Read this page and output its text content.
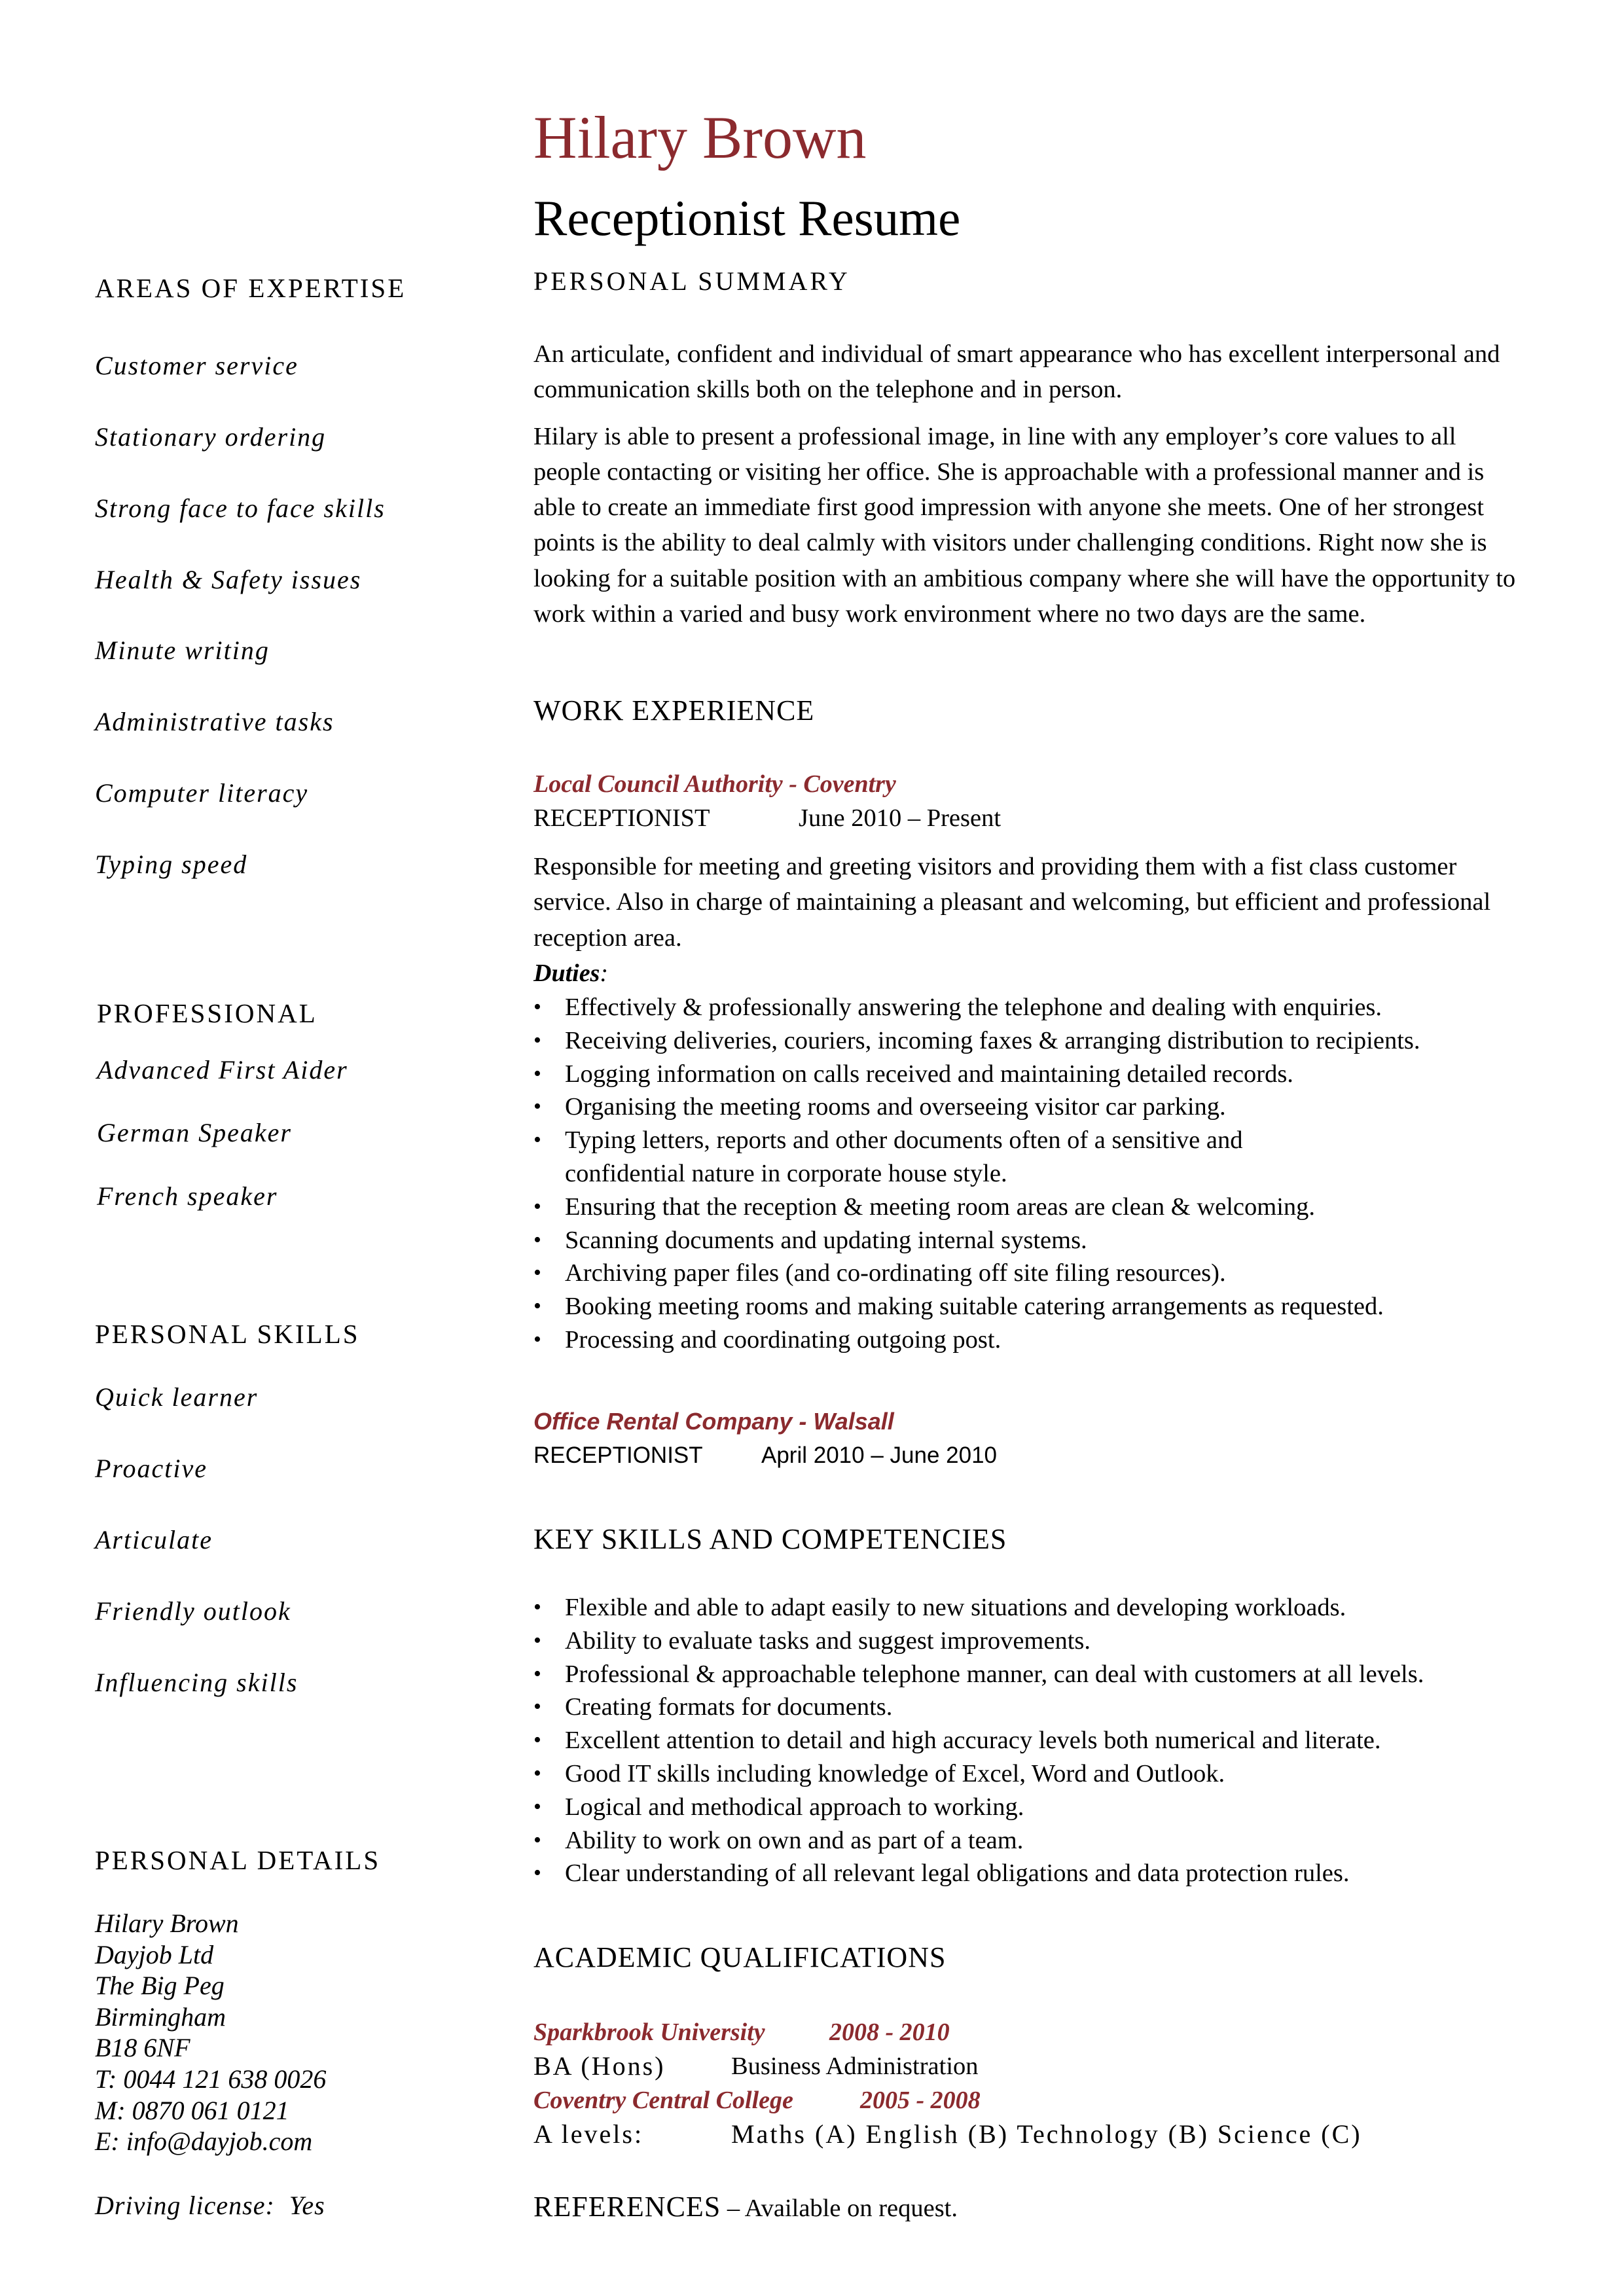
Hilary Brown
Receptionist Resume
AREAS OF EXPERTISE
Customer service
Stationary ordering
Strong face to face skills
Health & Safety issues
Minute writing
Administrative tasks
Computer literacy
Typing speed
PROFESSIONAL
Advanced First Aider
German Speaker
French speaker
PERSONAL SKILLS
Quick learner
Proactive
Articulate
Friendly outlook
Influencing skills
PERSONAL DETAILS
Hilary Brown
Dayjob Ltd
The Big Peg
Birmingham
B18 6NF
T: 0044 121 638 0026
M: 0870 061 0121
E: info@dayjob.com
Driving license:  Yes
PERSONAL SUMMARY

An articulate, confident and individual of smart appearance who has excellent interpersonal and communication skills both on the telephone and in person.

Hilary is able to present a professional image, in line with any employer’s core values to all people contacting or visiting her office. She is approachable with a professional manner and is able to create an immediate first good impression with anyone she meets. One of her strongest points is the ability to deal calmly with visitors under challenging conditions. Right now she is looking for a suitable position with an ambitious company where she will have the opportunity to work within a varied and busy work environment where no two days are the same.

WORK EXPERIENCE
Local Council Authority - Coventry
RECEPTIONIST	June 2010 – Present
Responsible for meeting and greeting visitors and providing them with a fist class customer service. Also in charge of maintaining a pleasant and welcoming, but efficient and professional reception area.
Duties:
• Effectively & professionally answering the telephone and dealing with enquiries.
• Receiving deliveries, couriers, incoming faxes & arranging distribution to recipients.
• Logging information on calls received and maintaining detailed records.
• Organising the meeting rooms and overseeing visitor car parking.
• Typing letters, reports and other documents often of a sensitive and confidential nature in corporate house style.
• Ensuring that the reception & meeting room areas are clean & welcoming.
• Scanning documents and updating internal systems.
• Archiving paper files (and co-ordinating off site filing resources).
• Booking meeting rooms and making suitable catering arrangements as requested.
• Processing and coordinating outgoing post.
Office Rental Company - Walsall
RECEPTIONIST	April 2010 – June 2010
KEY SKILLS AND COMPETENCIES
• Flexible and able to adapt easily to new situations and developing workloads.
• Ability to evaluate tasks and suggest improvements.
• Professional & approachable telephone manner, can deal with customers at all levels.
• Creating formats for documents.
• Excellent attention to detail and high accuracy levels both numerical and literate.
• Good IT skills including knowledge of Excel, Word and Outlook.
• Logical and methodical approach to working.
• Ability to work on own and as part of a team.
• Clear understanding of all relevant legal obligations and data protection rules.
ACADEMIC QUALIFICATIONS
Sparkbrook University	2008 - 2010
BA (Hons)	Business Administration
Coventry Central College	2005 - 2008
A levels:	Maths (A) English (B) Technology (B) Science (C)
REFERENCES – Available on request.
